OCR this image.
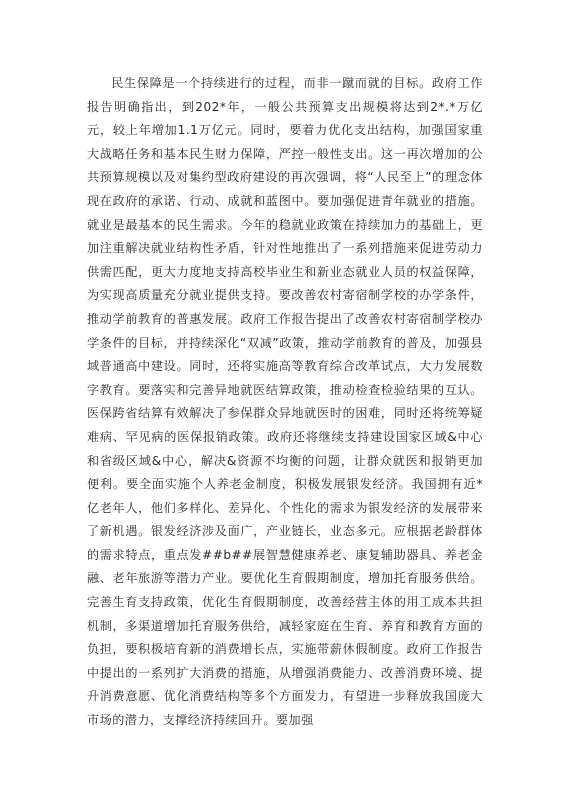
民生保障是一个持续进行的过程，而非一蹴而就的目标。政府工作报告明确指出，到202*年，一般公共预算支出规模将达到2*.*万亿元，较上年增加1.1万亿元。同时，要着力优化支出结构，加强国家重大战略任务和基本民生财力保障，严控一般性支出。这一再次增加的公共预算规模以及对集约型政府建设的再次强调，将“人民至上”的理念体现在政府的承诺、行动、成就和蓝图中。要加强促进青年就业的措施。就业是最基本的民生需求。今年的稳就业政策在持续加力的基础上，更加注重解决就业结构性矛盾，针对性地推出了一系列措施来促进劳动力供需匹配，更大力度地支持高校毕业生和新业态就业人员的权益保障，为实现高质量充分就业提供支持。要改善农村寄宿制学校的办学条件，推动学前教育的普惠发展。政府工作报告提出了改善农村寄宿制学校办学条件的目标，并持续深化“双减”政策，推动学前教育的普及，加强县域普通高中建设。同时，还将实施高等教育综合改革试点，大力发展数字教育。要落实和完善异地就医结算政策，推动检查检验结果的互认。医保跨省结算有效解决了参保群众异地就医时的困难，同时还将统筹疑难病、罕见病的医保报销政策。政府还将继续支持建设国家区域&中心和省级区域&中心，解决&资源不均衡的问题，让群众就医和报销更加便利。要全面实施个人养老金制度，积极发展银发经济。我国拥有近*亿老年人，他们多样化、差异化、个性化的需求为银发经济的发展带来了新机遇。银发经济涉及面广，产业链长，业态多元。应根据老龄群体的需求特点，重点发##b##展智慧健康养老、康复辅助器具、养老金融、老年旅游等潜力产业。要优化生育假期制度，增加托育服务供给。完善生育支持政策，优化生育假期制度，改善经营主体的用工成本共担机制，多渠道增加托育服务供给，减轻家庭在生育、养育和教育方面的负担，要积极培育新的消费增长点，实施带薪休假制度。政府工作报告中提出的一系列扩大消费的措施，从增强消费能力、改善消费环境、提升消费意愿、优化消费结构等多个方面发力，有望进一步释放我国庞大市场的潜力，支撑经济持续回升。要加强
